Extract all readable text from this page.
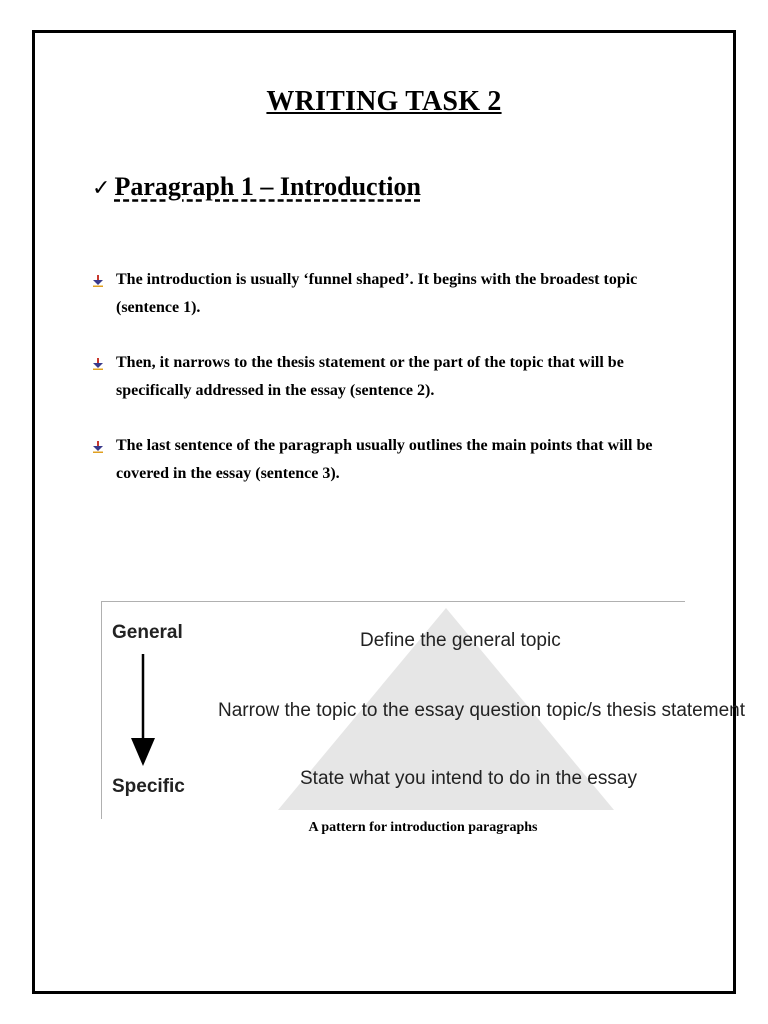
WRITING TASK 2
✓ Paragraph 1 – Introduction
The introduction is usually ‘funnel shaped’. It begins with the broadest topic (sentence 1).
Then, it narrows to the thesis statement or the part of the topic that will be specifically addressed in the essay (sentence 2).
The last sentence of the paragraph usually outlines the main points that will be covered in the essay (sentence 3).
General
Specific
Define the general topic
Narrow the topic to the essay question topic/s thesis statement
State what you intend to do in the essay
A pattern for introduction paragraphs
